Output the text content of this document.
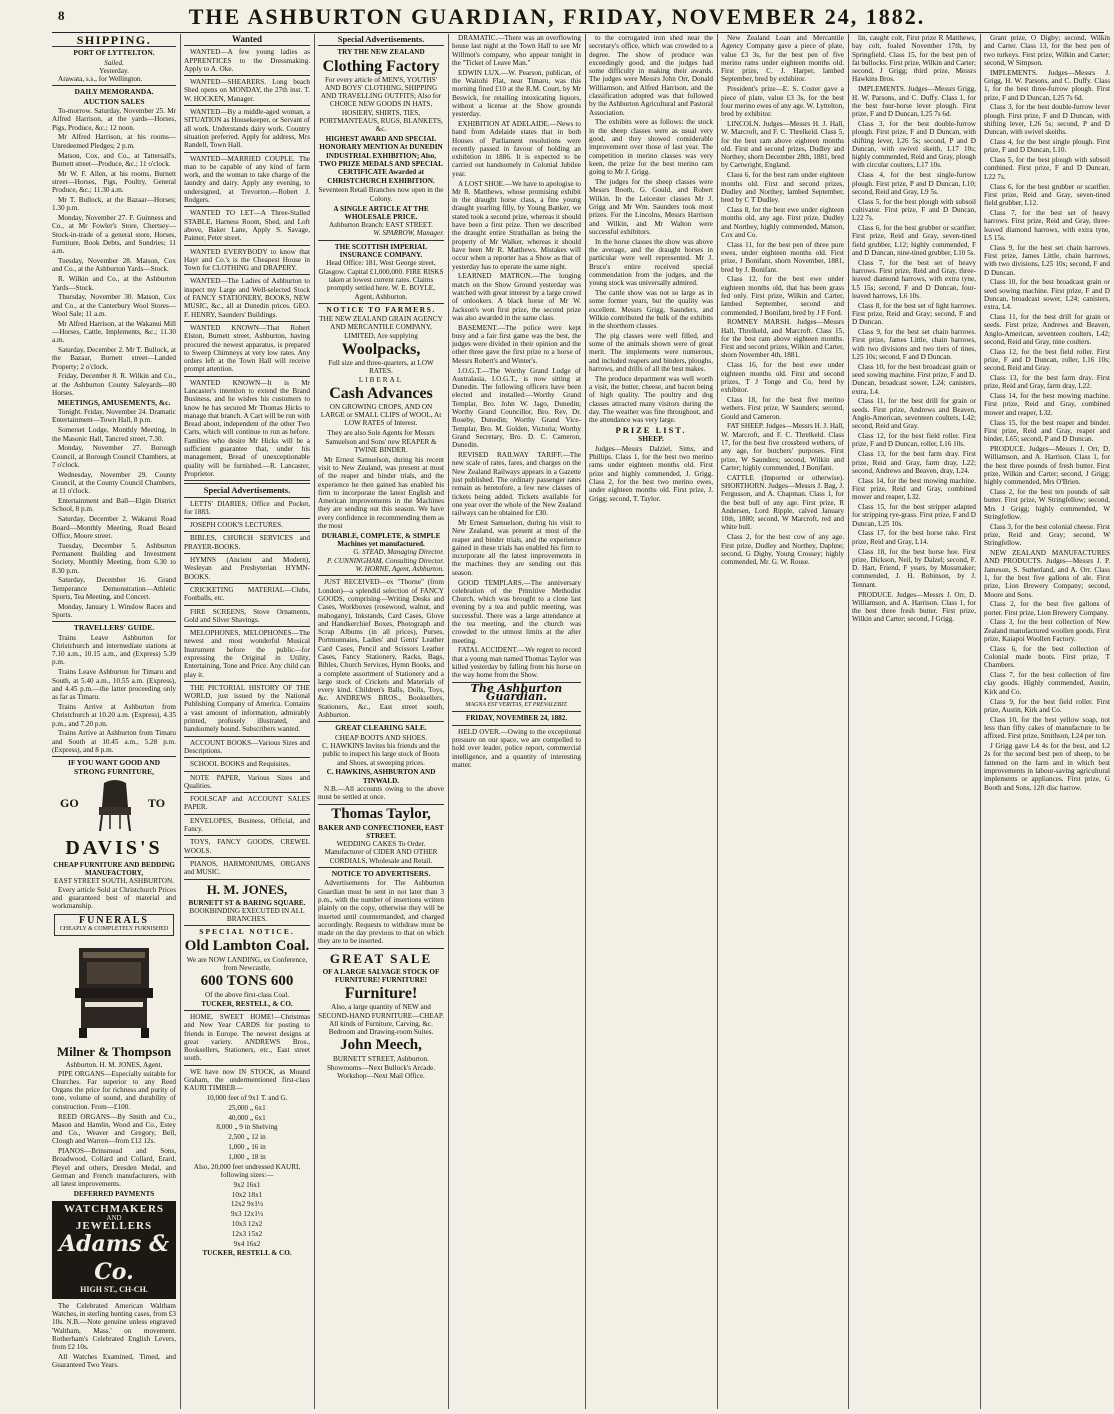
8	THE ASHBURTON GUARDIAN, FRIDAY, NOVEMBER 24, 1882.
SHIPPING.
PORT OF LYTTELTON.
Sailed.
Yesterday.

Arawata, s.s., for Wellington.

DAILY MEMORANDA.
AUCTION SALES

To-morrow. Saturday, November 25. Mr Alfred Harrison, at the yards—Horses, Pigs, Produce, &c.; 12 noon.

Mr Alfred Harrison, at his rooms—Unredeemed Pledges; 2 p.m.

Matson, Cox, and Co., at Tattersall's, Burnett street—Produce, &c.; 11 o'clock.

Mr W. F. Allen, at his rooms, Burnett street—Horses, Pigs, Poultry, General Produce, &c.; 11.30 a.m.

Mr T. Bullock, at the Bazaar—Horses; 1.30 p.m.

Monday, November 27. F. Guinness and Co., at Mr Fowler's Store, Chertsey—Stock-in-trade of a general store, Horses, Furniture, Book Debts, and Sundries; 11 a.m.

Tuesday, November 28. Matson, Cox and Co., at the Ashburton Yards—Stock.

R. Wilkin and Co., at the Ashburton Yards—Stock.

Thursday, November 30. Matson, Cox and Co., at the Canterbury Wool Stores—Wool Sale; 11 a.m.

Mr Alfred Harrison, at the Wakanui Mill—Horses, Cattle, Implements, &c.; 11.30 a.m.

Saturday, December 2. Mr T. Bullock, at the Bazaar, Burnett street—Landed Property; 2 o'clock.

Friday, December 8. R. Wilkin and Co., at the Ashburton County Saleyards—80 Horses.

MEETINGS, AMUSEMENTS, &c.

Tonight. Friday, November 24. Dramatic Entertainment—Town Hall, 8 p.m.

Somerset Lodge, Monthly Meeting, in the Masonic Hall, Tancred street, 7.30.

Monday, November 27. Borough Council, at Borough Council Chambers, at 7 o'clock.

Wednesday, November 29. County Council, at the County Council Chambers, at 11 o'clock.

Entertainment and Ball—Elgin District School, 8 p.m.

Saturday, December 2. Wakanui Road Board—Monthly Meeting, Road Board Office, Moore street.

Tuesday, December 5. Ashburton Permanent Building and Investment Society, Monthly Meeting, from 6.30 to 8.30 p.m.

Saturday, December 16. Grand Temperance Demonstration—Athletic Sports, Tea Meeting, and Concert.

Monday, January 1. Winslow Races and Sports.

TRAVELLERS' GUIDE.

Trains Leave Ashburton for Christchurch and intermediate stations at 7.10 a.m., 10.15 a.m., and (Express) 5.39 p.m.

Trains Leave Ashburton for Timaru and South, at 5.40 a.m., 10.55 a.m. (Express), and 4.45 p.m.—the latter proceeding only as far as Timaru.

Trains Arrive at Ashburton from Christchurch at 10.20 a.m. (Express), 4.35 p.m., and 7.20 p.m.

Trains Arrive at Ashburton from Timaru and South at 10.45 a.m., 5.28 p.m. (Express), and 8 p.m.

IF YOU WANT GOOD AND STRONG FURNITURE,
GO	TO
DAVIS'S
CHEAP FURNITURE AND BEDDING MANUFACTORY,
EAST STREET SOUTH, ASHBURTON.

Every article Sold at Christchurch Prices and guaranteed best of material and workmanship.

FUNERALS
CHEAPLY & COMPLETELY FURNISHED
Milner & Thompson
Ashburton. H. M. JONES, Agent.

PIPE ORGANS—Especially suitable for Churches. Far superior to any Reed Organs the price for richness and purity of tone, volume of sound, and durability of construction. From—£100.

REED ORGANS—By Smith and Co., Mason and Hamlin, Wood and Co., Estey and Co., Weaver and Gregory, Bell, Clough and Warren—from £12 12s.

PIANOS—Brinsmead and Sons, Broadwood, Collard and Collard, Erard, Pleyel and others, Dresden Medal, and German and French manufacturers, with all latest improvements.

DEFERRED PAYMENTS
WATCHMAKERS
AND
JEWELLERS
Adams & Co.
HIGH ST., CH-CH.

The Celebrated American Waltham Watches, in sterling hunting cases, from £3 10s. N.B.—Note genuine unless engraved 'Waltham, Mass.' on movement. Rotherham's Celebrated English Levers, from £2 10s.

All Watches Examined, Timed, and Guaranteed Two Years.

Wanted

WANTED—A few young ladies as APPRENTICES to the Dressmaking. Apply to A. Oke.

WANTED—SHEARERS. Long beach Shed opens on MONDAY, the 27th inst. T. W. HOCKEN, Manager.

WANTED—By a middle-aged woman, a SITUATION as Housekeeper, or Servant of all work. Understands dairy work. Country situation preferred. Apply for address, Mrs Randell, Town Hall.

WANTED—MARRIED COUPLE. The man to be capable of any kind of farm work, and the woman to take charge of the laundry and dairy. Apply any evening, to undersigned, at Trevorton.—Robert J. Rodgers.

WANTED TO LET—A Three-Stalled STABLE, Harness Room, Shed, and Loft above, Baker Lane, Apply S. Savage, Painter, Peter street.

WANTED EVERYBODY to know that Hayr and Co.'s is the Cheapest House in Town for CLOTHING and DRAPERY.

WANTED—The Ladies of Ashburton to inspect my Large and Well-selected Stock of FANCY STATIONERY, BOOKS, NEW MUSIC, &c., all at Dunedin prices. GEO. F. HENRY, Saunders' Buildings.

WANTED KNOWN—That Robert Elston, Burnett street, Ashburton, having procured the newest apparatus, is prepared to Sweep Chimneys at very low rates. Any orders left at the Town Hall will receive prompt attention.

WANTED KNOWN—It is Mr Lancaster's intention to extend the Brand Business, and he wishes his customers to know he has secured Mr Thomas Hicks to manage that branch. A Cart will be run with Bread about, independent of the other Two Carts, which will continue to run as before. Families who desire Mr Hicks will be a sufficient guarantee that, under his management, Bread of unexceptionable quality will be furnished.—R. Lancaster, Proprietor.

Special Advertisements.

LETTS' DIARIES, Office and Pocket, for 1883.

JOSEPH COOK'S LECTURES.

BIBLES, CHURCH SERVICES and PRAYER-BOOKS.

HYMNS (Ancient and Modern), Wesleyan and Presbyterian HYMN-BOOKS.

CRICKETING MATERIAL—Clubs, Footballs, etc.

FIRE SCREENS, Stove Ornaments, Gold and Silver Shavings.

MELOPHONES, MELOPHONES—The newest and most wonderful Musical Instrument before the public—for expressing the Original in Utility, Entertaining, Tone and Price. Any child can play it.

THE PICTORIAL HISTORY OF THE WORLD, just issued by the National Publishing Company of America. Contains a vast amount of information, admirably printed, profusely illustrated, and handsomely bound. Subscribers wanted.

ACCOUNT BOOKS—Various Sizes and Descriptions.

SCHOOL BOOKS and Requisites.

NOTE PAPER, Various Sizes and Qualities.

FOOLSCAP and ACCOUNT SALES PAPER.

ENVELOPES, Business, Official, and Fancy.

TOYS, FANCY GOODS, CREWEL WOOLS.

PIANOS, HARMONIUMS, ORGANS and MUSIC.

H. M. JONES,
BURNETT ST & BARING SQUARE.
BOOKBINDING EXECUTED IN ALL BRANCHES.
SPECIAL NOTICE.
Old Lambton Coal.

We are NOW LANDING, ex Conference, from Newcastle,

600 TONS 600
Of the above first-class Coal.
TUCKER, RESTELL, & CO.

HOME, SWEET HOME!—Christmas and New Year CARDS for posting to friends in Europe. The newest designs at great variety. ANDREWS Bros., Booksellers, Stationers, etc., East street south.

WE have now IN STOCK, as Mound Graham, the undermentioned first-class KAURI TIMBER—

10,000 feet of 9x1 T. and G.

25,000 „ 6x1

40,000 „ 6x1

8,000 „ 9 in Shelving

2,500 „ 12 in

1,000 „ 16 in

1,000 „ 18 in

Also, 20,000 feet undressed KAURI, following sizes:—

9x2 16x1

10x2 18x1

12x2 9x1½

9x3 12x1½

10x3 12x2

12x3 15x2

9x4 16x2

TUCKER, RESTELL & CO.
Special Advertisements.
TRY THE NEW ZEALAND
Clothing Factory

For every article of MEN'S, YOUTHS' AND BOYS' CLOTHING, SHIPPING AND TRAVELLING OUTFITS; Also for CHOICE NEW GOODS IN HATS, HOSIERY, SHIRTS, TIES, PORTMANTEAUS, RUGS, BLANKETS, &c.

HIGHEST AWARD AND SPECIAL HONORARY MENTION At DUNEDIN INDUSTRIAL EXHIBITION; Also, TWO PRIZE MEDALS AND SPECIAL CERTIFICATE Awarded at CHRISTCHURCH EXHIBITION.

Seventeen Retail Branches now open in the Colony.

A SINGLE ARTICLE AT THE WHOLESALE PRICE.
Ashburton Branch: EAST STREET.
W. SPARROW, Manager.
THE SCOTTISH IMPERIAL INSURANCE COMPANY.

Head Office: 181, West George street, Glasgow. Capital £1,000,000. FIRE RISKS taken at lowest current rates. Claims promptly settled here. W. E. BOYLE, Agent, Ashburton.

NOTICE TO FARMERS.

THE NEW ZEALAND GRAIN AGENCY AND MERCANTILE COMPANY, LIMITED, Are supplying

Woolpacks,
Full size and three-quarters, at LOW RATES.
LIBERAL
Cash Advances

ON GROWING CROPS, AND ON LARGE or SMALL CLIPS of WOOL, At LOW RATES of Interest.

They are also Sole Agents for Messrs Samuelson and Sons' new REAPER & TWINE BINDER.

Mr Ernest Samuelson, during his recent visit to New Zealand, was present at most of the reaper and binder trials, and the experience he then gained has enabled his firm to incorporate the latest English and American improvements in the Machines they are sending out this season. We have every confidence in recommending them as the most

DURABLE, COMPLETE, & SIMPLE Machines yet manufactured.
G. STEAD, Managing Director.
P. CUNNINGHAM, Consulting Director.
W. HORNE, Agent, Ashburton.

JUST RECEIVED—ex "Thorne" (from London)—a splendid selection of FANCY GOODS, comprising—Writing Desks and Cases, Workboxes (rosewood, walnut, and mahogany), Inkstands, Card Cases, Glove and Handkerchief Boxes, Photograph and Scrap Albums (in all prices), Purses, Portmonnaies, Ladies' and Gents' Leather Card Cases, Pencil and Scissors Leather Cases, Fancy Stationery, Racks, Bags, Bibles, Church Services, Hymn Books, and a complete assortment of Stationery and a large stock of Crickets and Materials of every kind. Children's Balls, Dolls, Toys, &c. ANDREWS BROS., Booksellers, Stationers, &c., East street south, Ashburton.

GREAT CLEARING SALE.
CHEAP BOOTS AND SHOES.

C. HAWKINS Invites his friends and the public to inspect his large stock of Boots and Shoes, at sweeping prices.

C. HAWKINS, ASHBURTON AND TINWALD.

N.B.—All accounts owing to the above must be settled at once.

Thomas Taylor,
BAKER AND CONFECTIONER, EAST STREET.
WEDDING CAKES To Order.
Manufacturer of CIDER AND OTHER CORDIALS, Wholesale and Retail.
NOTICE TO ADVERTISERS.

Advertisements for The Ashburton Guardian must be sent in not later than 3 p.m., with the number of insertions written plainly on the copy, otherwise they will be inserted until countermanded, and charged accordingly. Requests to withdraw must be made on the day previous to that on which they are to be inserted.

GREAT SALE
OF A LARGE SALVAGE STOCK OF FURNITURE! FURNITURE!
Furniture!

Also, a large quantity of NEW and SECOND-HAND FURNITURE—CHEAP. All kinds of Furniture, Carving, &c. Bedroom and Drawing-room Suites.

John Meech,
BURNETT STREET, Ashburton. Showrooms—Next Bullock's Arcade. Workshop—Next Mail Office.

DRAMATIC.—There was an overflowing house last night at the Town Hall to see Mr Willmot's company, who appear tonight in the "Ticket of Leave Man."

EDWIN LUX.—W. Pearson, publican, of the Waitohi Flat, near Timaru, was this morning fined £10 at the R.M. Court, by Mr Beswick, for retailing intoxicating liquors, without a license at the Show grounds yesterday.

EXHIBITION AT ADELAIDE.—News to hand from Adelaide states that in both Houses of Parliament resolutions were recently passed in favour of holding an exhibition in 1886. It is expected to be carried out handsomely in Colonial Jubilee year.

A LOST SHOE.—We have to apologise to Mr R. Matthews, whose promising exhibit in the draught horse class, a fine young draught yearling filly, by Young Banker, we stated took a second prize, whereas it should have been a first prize. Then we described the draught entire Strathallan as being the property of Mr Walker, whereas it should have been Mr R. Matthews. Mistakes will occur when a reporter has a Show as that of yesterday has to operate the same night.

LEARNED MATRON.—The longing match on the Show Ground yesterday was watched with great interest by a large crowd of onlookers. A black horse of Mr W. Jackson's won first prize, the second prize was also awarded in the same class.

BASEMENT.—The police were kept busy and a fair first game was the best, the judges were divided in their opinion and the other three gave the first prize to a horse of Messrs Robert's and Winter's.

I.O.G.T.—The Worthy Grand Lodge of Australasia, I.O.G.T., is now sitting at Dunedin. The following officers have been elected and installed:—Worthy Grand Templar, Bro. John W. Jago, Dunedin; Worthy Grand Councillor, Bro. Rev. Dr. Roseby, Dunedin; Worthy Grand Vice-Templar, Bro. M. Golden, Victoria; Worthy Grand Secretary, Bro. D. C. Cameron, Dunedin.

REVISED RAILWAY TARIFF.—The new scale of rates, fares, and charges on the New Zealand Railways appears in a Gazette just published. The ordinary passenger rates remain as heretofore, a few new classes of tickets being added. Tickets available for one year over the whole of the New Zealand railways can be obtained for £30.

Mr Ernest Samuelson, during his visit to New Zealand, was present at most of the reaper and binder trials, and the experience gained in these trials has enabled his firm to incorporate all the latest improvements in the machines they are sending out this season.

GOOD TEMPLARS.—The anniversary celebration of the Primitive Methodist Church, which was brought to a close last evening by a tea and public meeting, was successful. There was a large attendance at the tea meeting, and the church was crowded to the utmost limits at the after meeting.

FATAL ACCIDENT.—We regret to record that a young man named Thomas Taylor was killed yesterday by falling from his horse on the way home from the Show.

The Ashburton Guardian.
MAGNA EST VERITAS, ET PREVALEBIT.
FRIDAY, NOVEMBER 24, 1882.

HELD OVER.—Owing to the exceptional pressure on our space, we are compelled to hold over leader, police report, commercial intelligence, and a quantity of interesting matter.

to the corrugated iron shed near the secretary's office, which was crowded to a degree. The show of produce was exceedingly good, and the judges had some difficulty in making their awards. The judges were Messrs John Orr, Donald Williamson, and Alfred Harrison, and the classification adopted was that followed by the Ashburton Agricultural and Pastoral Association.

The exhibits were as follows: the stock in the sheep classes were as usual very good, and they showed considerable improvement over those of last year. The competition in merino classes was very keen, the prize for the best merino ram going to Mr J. Grigg.

The judges for the sheep classes were Messrs Booth, G. Gould, and Robert Wilkin. In the Leicester classes Mr J. Grigg and Mr Wm. Saunders took most prizes. For the Lincolns, Messrs Harrison and Wilkin, and Mr Walton were successful exhibitors.

In the horse classes the show was above the average, and the draught horses in particular were well represented. Mr J. Bruce's entire received special commendation from the judges, and the young stock was universally admired.

The cattle show was not so large as in some former years, but the quality was excellent. Messrs Grigg, Saunders, and Wilkin contributed the bulk of the exhibits in the shorthorn classes.

The pig classes were well filled, and some of the animals shown were of great merit. The implements were numerous, and included reapers and binders, ploughs, harrows, and drills of all the best makes.

The produce department was well worth a visit, the butter, cheese, and bacon being of high quality. The poultry and dog classes attracted many visitors during the day. The weather was fine throughout, and the attendance was very large.

PRIZE LIST.
SHEEP.

Judges—Messrs Dalziel, Sims, and Phillips. Class 1, for the best two merino rams under eighteen months old. First prize and highly commended, J. Grigg. Class 2, for the best two merino ewes, under eighteen months old. First prize, J. Grigg; second, T. Taylor.

New Zealand Loan and Mercantile Agency Company gave a piece of plate, value £3 3s, for the best pen of five merino rams under eighteen months old. First prize, C. J. Harper, lambed September, bred by exhibitor.

President's prize—E. S. Coster gave a piece of plate, value £3 3s, for the best four merino ewes of any age. W. Lyttelton, bred by exhibitor.

LINCOLN. Judges—Messrs H. J. Hall, W. Marcroft, and F. C. Threlkeld. Class 5, for the best ram above eighteen months old. First and second prizes, Dudley and Northey, shorn December 28th, 1881, bred by Cartwright, England.

Class 6, for the best ram under eighteen months old. First and second prizes, Dudley and Northey, lambed September, bred by C T Dudley.

Class 8, for the best ewe under eighteen months old, any age. First prize, Dudley and Northey, highly commended, Matson, Cox and Co.

Class 11, for the best pen of three pure ewes, under eighteen months old. First prize, J Bonifant, shorn November, 1881, bred by J. Bonifant.

Class 12, for the best ewe under eighteen months old, that has been grass fed only. First prize, Wilkin and Carter, lambed September, second and commended, J Bonifant, bred by J F Ford.

ROMNEY MARSH. Judges—Messrs Hall, Threlkeld, and Marcroft. Class 15, for the best ram above eighteen months. First and second prizes, Wilkin and Carter, shorn November 4th, 1881.

Class 16, for the best ewe under eighteen months old. First and second prizes, T J Tonge and Co, bred by exhibitor.

Class 18, for the best five merino wethers. First prize, W Saunders; second, Gould and Cameron.

FAT SHEEP. Judges—Messrs H. J. Hall, W. Marcroft, and F. C. Threlkeld. Class 17, for the best five crossbred wethers, of any age, for butchers' purposes. First prize, W Saunders; second, Wilkin and Carter; highly commended, J Bonifant.

CATTLE (Imported or otherwise). SHORTHORN. Judges—Messrs J. Bag, J. Fergusson, and A. Chapman. Class 1, for the best bull of any age. First prize, R Andersen, Lord Ripple, calved January 10th, 1880; second, W Marcroft, red and white bull.

Class 2, for the best cow of any age. First prize, Dudley and Northey, Daphne; second, G Digby, Young Crossey; highly commended, Mr. G. W. Rouse.

lin, caught colt, First prize R Matthews, bay colt, foaled November 17th, by Springfield. Class 15, for the best pen of fat bullocks. First prize, Wilkin and Carter; second, J Grigg; third prize, Messrs Hawkins Bros.

IMPLEMENTS. Judges—Messrs Grigg, H. W. Parsons, and C. Duffy. Class 1, for the best four-horse lever plough. First prize, F and D Duncan, L25 7s 6d.

Class 3, for the best double-furrow plough. First prize, F and D Duncan, with shifting lever, L26 5s; second, P and D Duncan, with swivel skeith, L17 10s; highly commended, Reid and Gray, plough with circular coulters, L17 10s.

Class 4, for the best single-furrow plough. First prize, P and D Duncan, L10; second, Reid and Gray, L9 5s.

Class 5, for the best plough with subsoil cultivator. First prize, F and D Duncan, L22 7s.

Class 6, for the best grubber or scarifier. First prize, Reid and Gray, seven-tined field grubber, L12; highly commended, F and D Duncan, nine-tined grubber, L10 5s.

Class 7, for the best set of heavy harrows. First prize, Reid and Gray, three-leaved diamond harrows, with extra tyne, L5 15s; second, F and D Duncan, four-leaved harrows, L6 10s.

Class 8, for the best set of light harrows. First prize, Reid and Gray; second, F and D Duncan.

Class 9, for the best set chain harrows. First prize, James Little, chain harrows, with two divisions and two tiers of tines, L25 10s; second, F and D Duncan.

Class 10, for the best broadcast grain or seed sowing machine. First prize, F and D. Duncan, broadcast sower, L24; canisters, extra, L4.

Class 11, for the best drill for grain or seeds. First prize, Andrews and Beaven, Anglo-American, seventeen coulters, L42; second, Reid and Gray.

Class 12, for the best field roller. First prize, F and D Duncan, roller, L16 10s.

Class 13, for the best farm dray. First prize, Reid and Gray, farm dray, L22; second, Andrews and Beaven, dray, L24.

Class 14, for the best mowing machine. First prize, Reid and Gray, combined mower and reaper, L32.

Class 15, for the best stripper adapted for stripping rye-grass. First prize, F and D Duncan, L25 10s.

Class 17, for the best horse rake. First prize, Reid and Gray, L14.

Class 18, for the best horse hoe. First prize, Dickson, Neil, by Dalzel; second, F. D. Hart, Friend, F years, by Mossmaker; commended, J. H. Robinson, by J. Tennant.

PRODUCE. Judges—Messrs J. Orr, D. Williamson, and A. Harrison. Class 1, for the best three fresh butter. First prize, Wilkin and Carter; second, J Grigg.

Grant prize, O Digby; second, Wilkin and Carter. Class 13, for the best pen of two turkeys. First prize, Wilkin and Carter; second, W Simpson.

IMPLEMENTS. Judges—Messrs J. Grigg, H. W. Parsons, and C. Duffy. Class 1, for the best three-furrow plough. First prize, F and D Duncan, L25 7s 6d.

Class 3, for the best double-furrow lever plough. First prize, F and D Duncan, with shifting lever, L26 5s; second, P and D Duncan, with swivel skeiths.

Class 4, for the best single plough. First prize, F and D Duncan, L10.

Class 5, for the best plough with subsoil combined. First prize, F and D Duncan, L22 7s.

Class 6, for the best grubber or scarifier. First prize, Reid and Gray, seven-tined field grubber, L12.

Class 7, for the best set of heavy harrows. First prize, Reid and Gray, three-leaved diamond harrows, with extra tyne, L5 15s.

Class 9, for the best set chain harrows. First prize, James Little, chain harrows, with two divisions, L25 10s; second, F and D Duncan.

Class 10, for the best broadcast grain or seed sowing machine. First prize, F and D Duncan, broadcast sower, L24; canisters, extra, L4.

Class 11, for the best drill for grain or seeds. First prize, Andrews and Beaven, Anglo-American, seventeen coulters, L42; second, Reid and Gray, nine coulters.

Class 12, for the best field roller. First prize, F and D Duncan, roller, L16 10s; second, Reid and Gray.

Class 13, for the best farm dray. First prize, Reid and Gray, farm dray, L22.

Class 14, for the best mowing machine. First prize, Reid and Gray, combined mower and reaper, L32.

Class 15, for the best reaper and binder. First prize, Reid and Gray, reaper and binder, L65; second, P and D Duncan.

PRODUCE. Judges—Messrs J. Orr, D. Williamson, and A. Harrison. Class 1, for the best three pounds of fresh butter. First prize, Wilkin and Carter; second, J Grigg; highly commended, Mrs O'Brien.

Class 2, for the best ten pounds of salt butter. First prize, W Stringfellow; second, Mrs J Grigg; highly commended, W Stringfellow.

Class 3, for the best colonial cheese. First prize, Reid and Gray; second, W Stringfellow.

NEW ZEALAND MANUFACTURES AND PRODUCTS. Judges—Messrs J. P. Jameson, S. Sutherland, and A. Orr. Class 1, for the best five gallons of ale. First prize, Lion Brewery Company; second, Moore and Sons.

Class 2, for the best five gallons of porter. First prize, Lion Brewery Company.

Class 3, for the best collection of New Zealand manufactured woollen goods. First prize, Kaiapoi Woollen Factory.

Class 6, for the best collection of Colonial made boots. First prize, T Chambers.

Class 7, for the best collection of fire clay goods. Highly commended, Austin, Kirk and Co.

Class 9, for the best field roller. First prize, Austin, Kirk and Co.

Class 10, for the best yellow soap, not less than fifty cakes of manufacture to be affixed. First prize, Smithson, L24 per ton.

J Grigg gave L4 4s for the best, and L2 2s for the second best pen of sheep, to be fattened on the farm and in which best improvements in labour-saving agricultural implements or appliances. First prize, G Booth and Sons, 12ft disc harrow.
